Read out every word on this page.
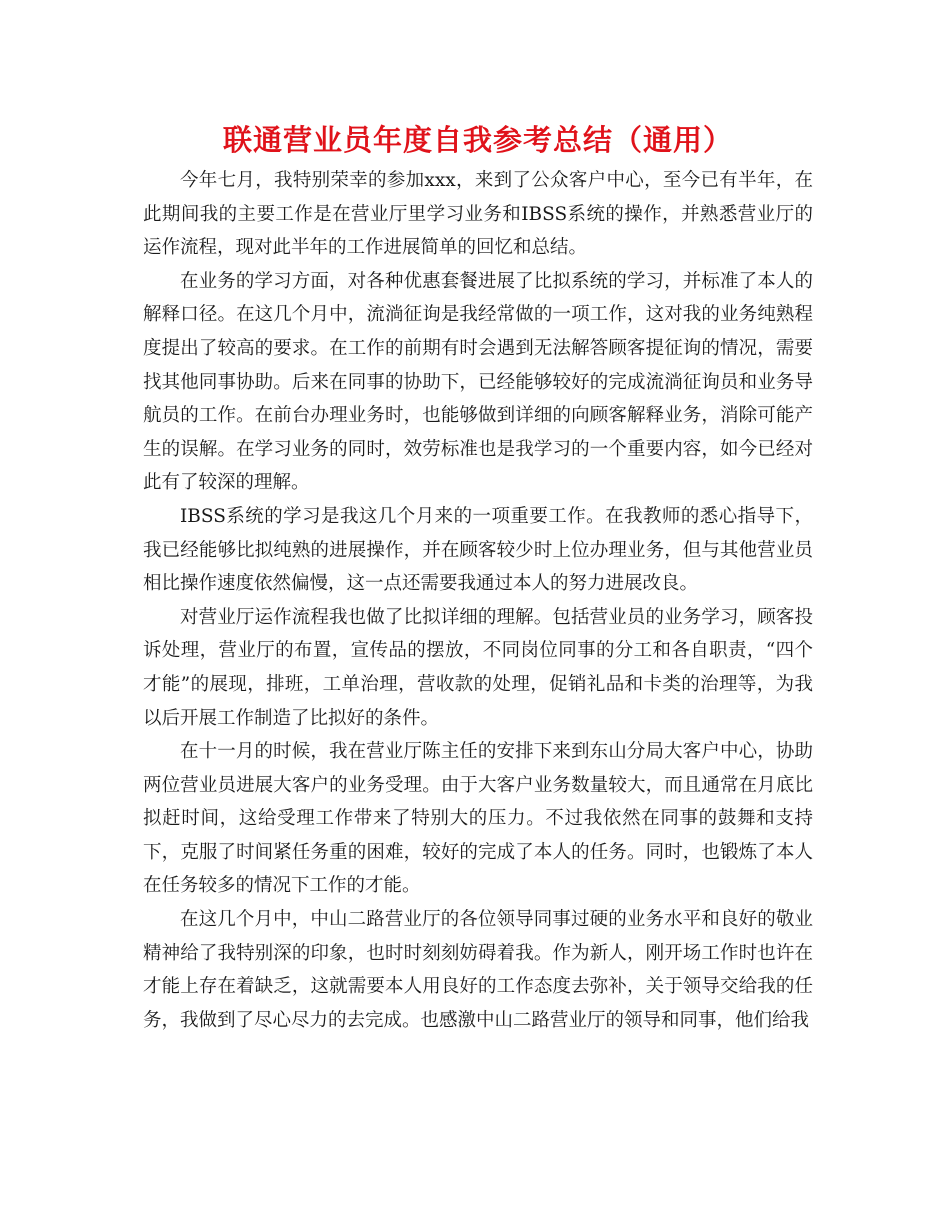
联通营业员年度自我参考总结（通用）

今年七月，我特别荣幸的参加xxx，来到了公众客户中心，至今已有半年，在此期间我的主要工作是在营业厅里学习业务和IBSS系统的操作，并熟悉营业厅的运作流程，现对此半年的工作进展简单的回忆和总结。

在业务的学习方面，对各种优惠套餐进展了比拟系统的学习，并标准了本人的解释口径。在这几个月中，流淌征询是我经常做的一项工作，这对我的业务纯熟程度提出了较高的要求。在工作的前期有时会遇到无法解答顾客提征询的情况，需要找其他同事协助。后来在同事的协助下，已经能够较好的完成流淌征询员和业务导航员的工作。在前台办理业务时，也能够做到详细的向顾客解释业务，消除可能产生的误解。在学习业务的同时，效劳标准也是我学习的一个重要内容，如今已经对此有了较深的理解。

IBSS系统的学习是我这几个月来的一项重要工作。在我教师的悉心指导下，我已经能够比拟纯熟的进展操作，并在顾客较少时上位办理业务，但与其他营业员相比操作速度依然偏慢，这一点还需要我通过本人的努力进展改良。

对营业厅运作流程我也做了比拟详细的理解。包括营业员的业务学习，顾客投诉处理，营业厅的布置，宣传品的摆放，不同岗位同事的分工和各自职责，“四个才能”的展现，排班，工单治理，营收款的处理，促销礼品和卡类的治理等，为我以后开展工作制造了比拟好的条件。

在十一月的时候，我在营业厅陈主任的安排下来到东山分局大客户中心，协助两位营业员进展大客户的业务受理。由于大客户业务数量较大，而且通常在月底比拟赶时间，这给受理工作带来了特别大的压力。不过我依然在同事的鼓舞和支持下，克服了时间紧任务重的困难，较好的完成了本人的任务。同时，也锻炼了本人在任务较多的情况下工作的才能。

在这几个月中，中山二路营业厅的各位领导同事过硬的业务水平和良好的敬业精神给了我特别深的印象，也时时刻刻妨碍着我。作为新人，刚开场工作时也许在才能上存在着缺乏，这就需要本人用良好的工作态度去弥补，关于领导交给我的任务，我做到了尽心尽力的去完成。也感激中山二路营业厅的领导和同事，他们给我
